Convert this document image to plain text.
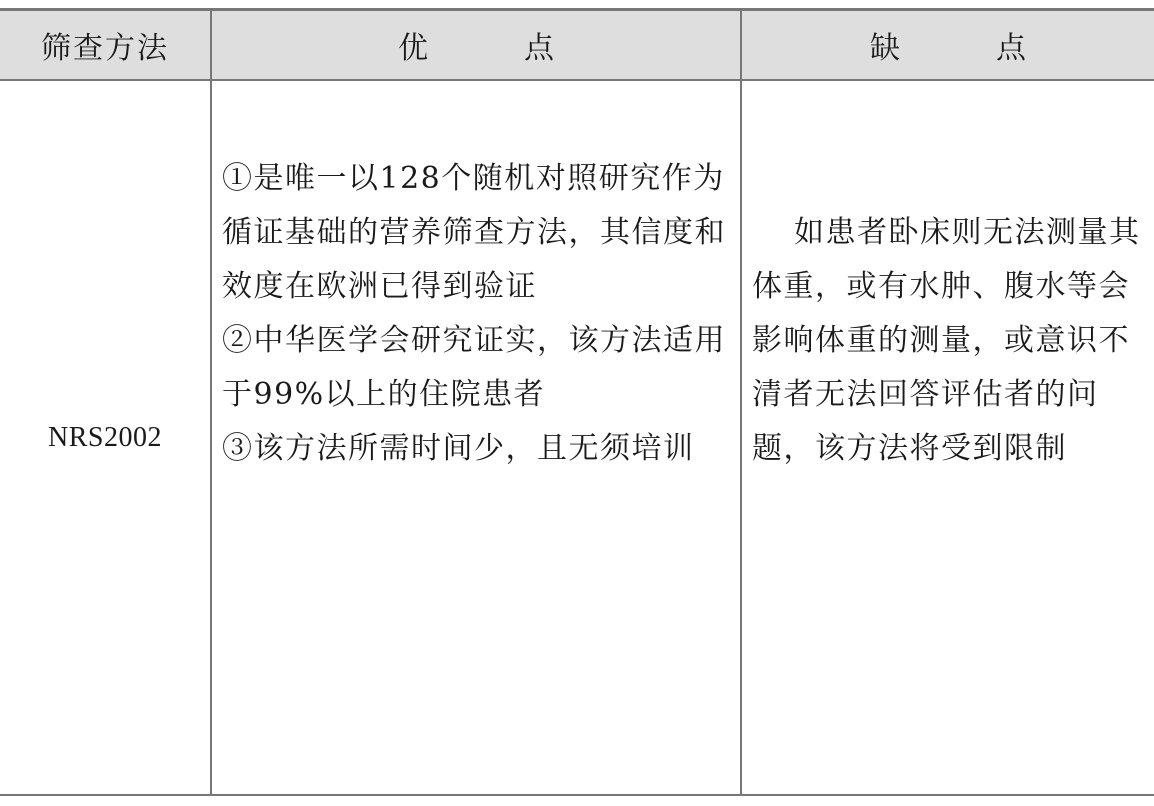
筛查方法	优点	缺点
NRS2002

①是唯一以128个随机对照研究作为循证基础的营养筛查方法，其信度和效度在欧洲已得到验证

②中华医学会研究证实，该方法适用于99%以上的住院患者

③该方法所需时间少，且无须培训

如患者卧床则无法测量其体重，或有水肿、腹水等会影响体重的测量，或意识不清者无法回答评估者的问题，该方法将受到限制
